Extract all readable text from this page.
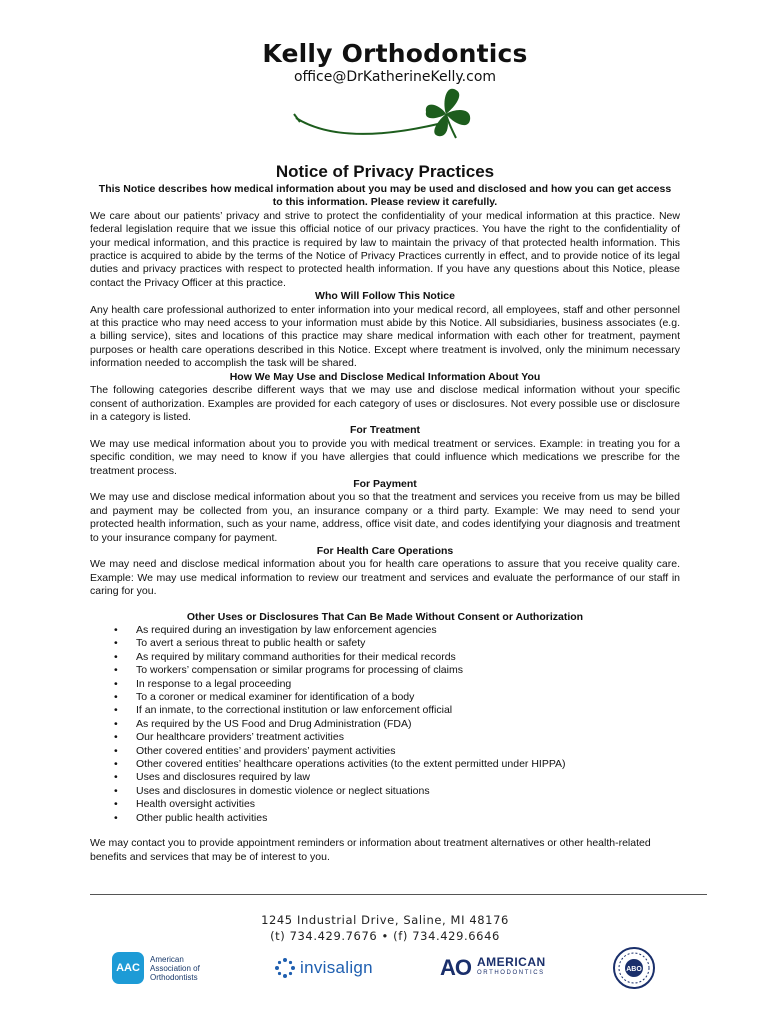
Kelly Orthodontics
office@DrKatherineKelly.com
Notice of Privacy Practices
This Notice describes how medical information about you may be used and disclosed and how you can get access to this information. Please review it carefully.

We care about our patients’ privacy and strive to protect the confidentiality of your medical information at this practice. New federal legislation require that we issue this official notice of our privacy practices. You have the right to the confidentiality of your medical information, and this practice is required by law to maintain the privacy of that protected health information. This practice is acquired to abide by the terms of the Notice of Privacy Practices currently in effect, and to provide notice of its legal duties and privacy practices with respect to protected health information. If you have any questions about this Notice, please contact the Privacy Officer at this practice.

Who Will Follow This Notice

Any health care professional authorized to enter information into your medical record, all employees, staff and other personnel at this practice who may need access to your information must abide by this Notice. All subsidiaries, business associates (e.g. a billing service), sites and locations of this practice may share medical information with each other for treatment, payment purposes or health care operations described in this Notice. Except where treatment is involved, only the minimum necessary information needed to accomplish the task will be shared.

How We May Use and Disclose Medical Information About You

The following categories describe different ways that we may use and disclose medical information without your specific consent of authorization. Examples are provided for each category of uses or disclosures. Not every possible use or disclosure in a category is listed.

For Treatment

We may use medical information about you to provide you with medical treatment or services. Example: in treating you for a specific condition, we may need to know if you have allergies that could influence which medications we prescribe for the treatment process.

For Payment

We may use and disclose medical information about you so that the treatment and services you receive from us may be billed and payment may be collected from you, an insurance company or a third party. Example: We may need to send your protected health information, such as your name, address, office visit date, and codes identifying your diagnosis and treatment to your insurance company for payment.

For Health Care Operations

We may need and disclose medical information about you for health care operations to assure that you receive quality care. Example: We may use medical information to review our treatment and services and evaluate the performance of our staff in caring for you.

Other Uses or Disclosures That Can Be Made Without Consent or Authorization
• As required during an investigation by law enforcement agencies
• To avert a serious threat to public health or safety
• As required by military command authorities for their medical records
• To workers’ compensation or similar programs for processing of claims
• In response to a legal proceeding
• To a coroner or medical examiner for identification of a body
• If an inmate, to the correctional institution or law enforcement official
• As required by the US Food and Drug Administration (FDA)
• Our healthcare providers’ treatment activities
• Other covered entities’ and providers’ payment activities
• Other covered entities’ healthcare operations activities (to the extent permitted under HIPPA)
• Uses and disclosures required by law
• Uses and disclosures in domestic violence or neglect situations
• Health oversight activities
• Other public health activities

We may contact you to provide appointment reminders or information about treatment alternatives or other health-related benefits and services that may be of interest to you.

1245 Industrial Drive, Saline, MI 48176
(t) 734.429.7676 • (f) 734.429.6646
AAC
American
Association of
Orthodontists	invisalign	AO AMERICAN
ORTHODONTICS	ABO
